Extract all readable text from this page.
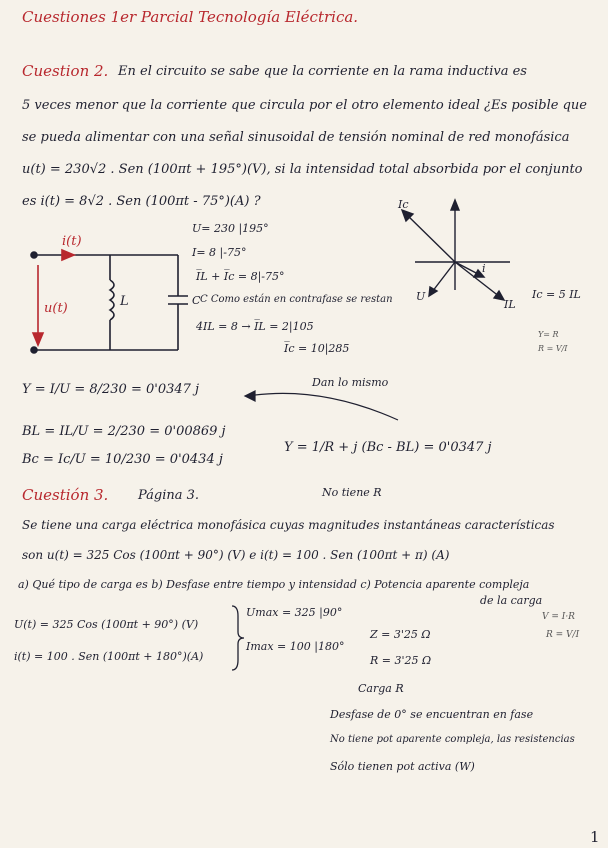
Cuestiones 1er Parcial Tecnología Eléctrica.
Cuestion 2. En el circuito se sabe que la corriente en la rama inductiva es
5 veces menor que la corriente que circula por el otro elemento ideal ¿Es posible que
se pueda alimentar con una señal sinusoidal de tensión nominal de red monofásica
u(t) = 230√2 . Sen (100πt + 195°)(V), si la intensidad total absorbida por el conjunto
es i(t) = 8√2 . Sen (100πt - 75°)(A) ?
i(t)
u(t)	L	C
U= 230 |195°
I= 8 |-75°
I̅L + I̅c = 8|-75°
C Como están en contrafase se restan
4IL = 8 → I̅L = 2|105
I̅c = 10|285
Ic
U
i
IL
Ic = 5 IL
Y= R
R = V/I
Y = I/U = 8/230 = 0'0347 j
BL = IL/U = 2/230 = 0'00869 j
Bc = Ic/U = 10/230 = 0'0434 j
Dan lo mismo
Y = 1/R + j (Bc - BL) = 0'0347 j
No tiene R
Cuestión 3. Página 3.
Se tiene una carga eléctrica monofásica cuyas magnitudes instantáneas características
son u(t) = 325 Cos (100πt + 90°) (V) e i(t) = 100 . Sen (100πt + π) (A)
a) Qué tipo de carga es b) Desfase entre tiempo y intensidad c) Potencia aparente compleja
de la carga
U(t) = 325 Cos (100πt + 90°) (V)
i(t) = 100 . Sen (100πt + 180°)(A)
Umax = 325 |90°
Imax = 100 |180°
Z = 3'25 Ω
R = 3'25 Ω
V = I·R
R = V/I
Carga R
Desfase de 0° se encuentran en fase
No tiene pot aparente compleja, las resistencias
Sólo tienen pot activa (W)
1
